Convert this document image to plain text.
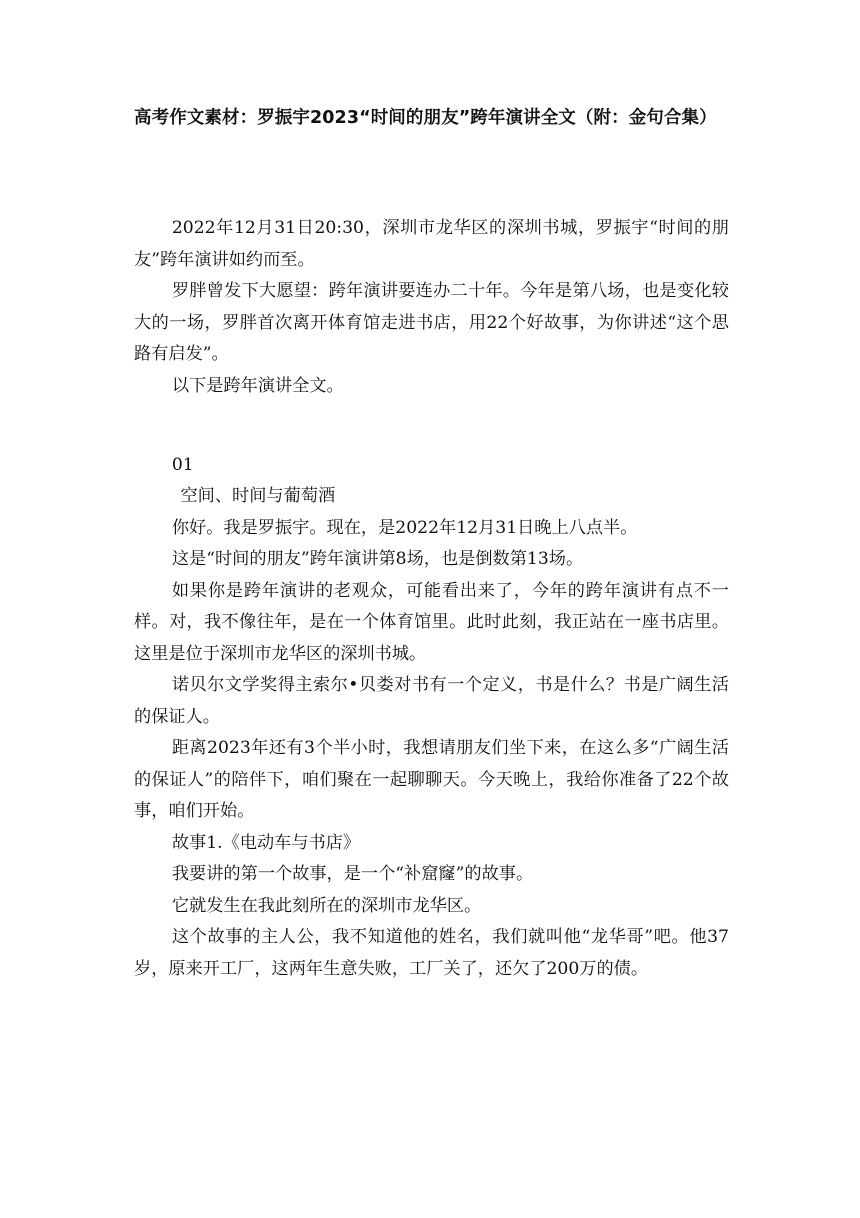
高考作文素材：罗振宇2023“时间的朋友”跨年演讲全文（附：金句合集）

2022年12月31日20:30，深圳市龙华区的深圳书城，罗振宇“时间的朋友”跨年演讲如约而至。

罗胖曾发下大愿望：跨年演讲要连办二十年。今年是第八场，也是变化较大的一场，罗胖首次离开体育馆走进书店，用22个好故事，为你讲述“这个思路有启发”。

以下是跨年演讲全文。

01

空间、时间与葡萄酒

你好。我是罗振宇。现在，是2022年12月31日晚上八点半。

这是“时间的朋友”跨年演讲第8场，也是倒数第13场。

如果你是跨年演讲的老观众，可能看出来了，今年的跨年演讲有点不一样。对，我不像往年，是在一个体育馆里。此时此刻，我正站在一座书店里。这里是位于深圳市龙华区的深圳书城。

诺贝尔文学奖得主索尔•贝娄对书有一个定义，书是什么？书是广阔生活的保证人。

距离2023年还有3个半小时，我想请朋友们坐下来，在这么多“广阔生活的保证人”的陪伴下，咱们聚在一起聊聊天。今天晚上，我给你准备了22个故事，咱们开始。

故事1.《电动车与书店》

我要讲的第一个故事，是一个“补窟窿”的故事。

它就发生在我此刻所在的深圳市龙华区。

这个故事的主人公，我不知道他的姓名，我们就叫他“龙华哥”吧。他37岁，原来开工厂，这两年生意失败，工厂关了，还欠了200万的债。
